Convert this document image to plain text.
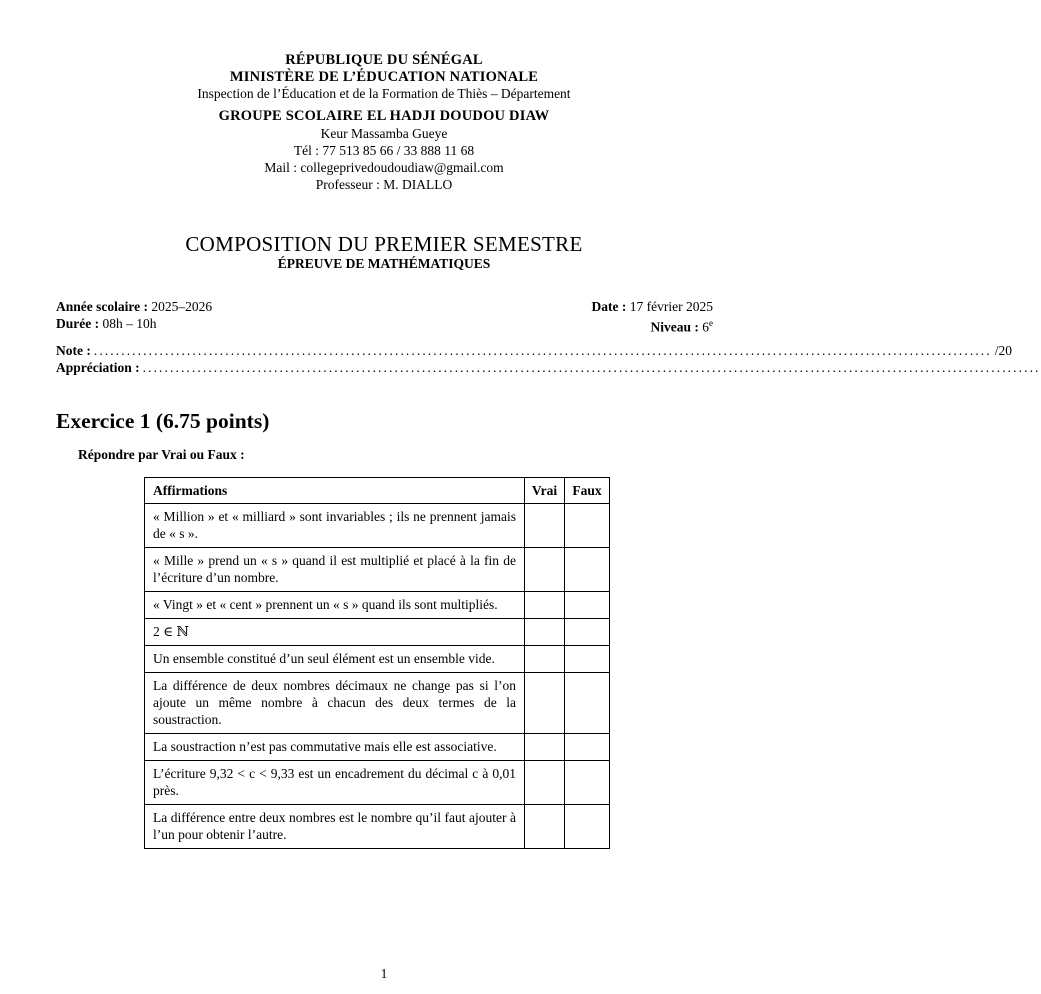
RÉPUBLIQUE DU SÉNÉGAL
MINISTÈRE DE L’ÉDUCATION NATIONALE
Inspection de l’Éducation et de la Formation de Thiès – Département
GROUPE SCOLAIRE EL HADJI DOUDOU DIAW
Keur Massamba Gueye
Tél : 77 513 85 66 / 33 888 11 68
Mail : collegeprivedoudoudiaw@gmail.com
Professeur : M. DIALLO
COMPOSITION DU PREMIER SEMESTRE
ÉPREUVE DE MATHÉMATIQUES
Année scolaire : 2025–2026
Durée : 08h – 10h
Date : 17 février 2025
Niveau : 6e
Note : .................................................................................................................................................................... /20
Appréciation : ....................................................................................................................................................................
Exercice 1 (6.75 points)
Répondre par Vrai ou Faux :
Affirmations	Vrai	Faux
« Million » et « milliard » sont invariables ; ils ne prennent jamais de « s ».		
« Mille » prend un « s » quand il est multiplié et placé à la fin de l’écriture d’un nombre.		
« Vingt » et « cent » prennent un « s » quand ils sont multipliés.		
2 ∈ ℕ		
Un ensemble constitué d’un seul élément est un ensemble vide.		
La différence de deux nombres décimaux ne change pas si l’on ajoute un même nombre à chacun des deux termes de la soustraction.		
La soustraction n’est pas commutative mais elle est associative.		
L’écriture 9,32 < c < 9,33 est un encadrement du décimal c à 0,01 près.		
La différence entre deux nombres est le nombre qu’il faut ajouter à l’un pour obtenir l’autre.		
1
